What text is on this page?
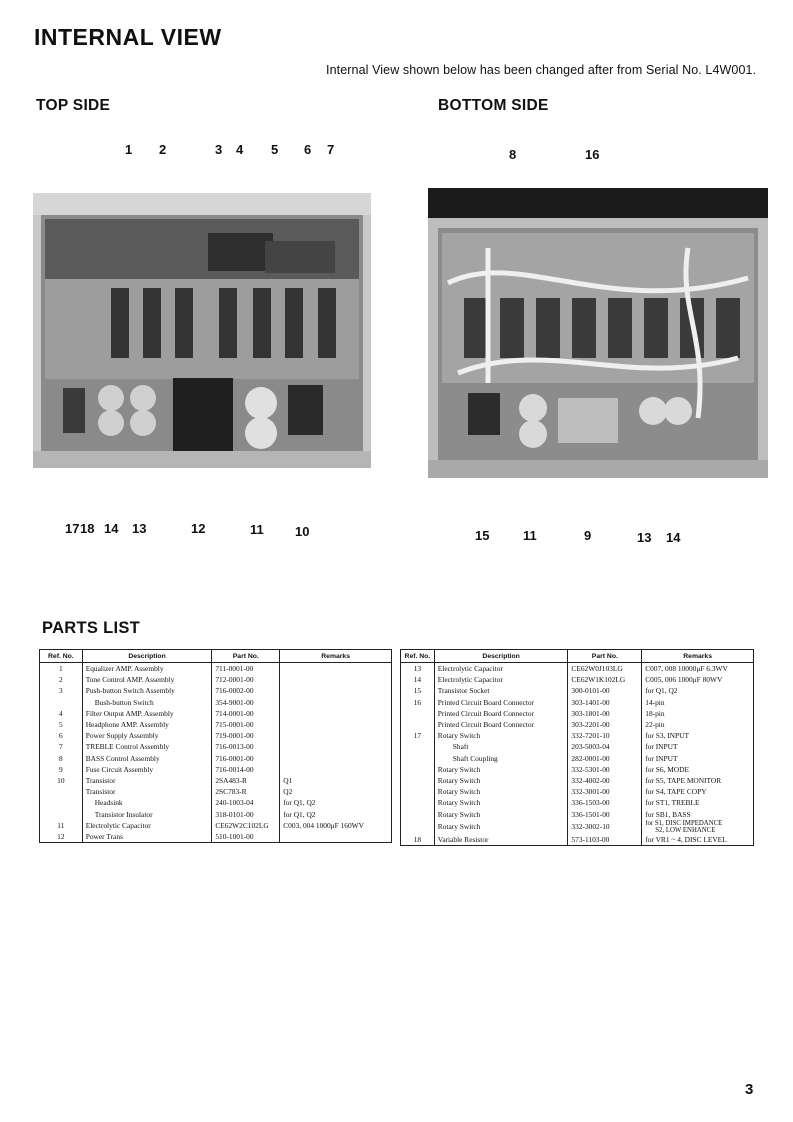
INTERNAL VIEW
Internal View shown below has been changed after from Serial No. L4W001.
TOP SIDE	BOTTOM SIDE
1 2	3 4 5 6 7
17 18 14 13	12	11 10
8	16
15	11	9	13 14
PARTS LIST
Ref. No.	Description	Part No.	Remarks
1	Equalizer AMP. Assembly	711-0001-00	
2	Tone Control AMP. Assembly	712-0001-00	
3	Push-button Switch Assembly	716-0002-00	
	Bush-button Switch	354-9001-00	
4	Filter Output AMP. Assembly	714-0001-00	
5	Headphone AMP. Assembly	715-0001-00	
6	Power Supply Assembly	719-0001-00	
7	TREBLE Control Assembly	716-0013-00	
8	BASS Control Assembly	716-0001-00	
9	Fuse Circuit Assembly	716-0014-00	
10	Transistor	2SA483-R	Q1
	Transistor	2SC783-R	Q2
	Headsink	240-1003-04	for Q1, Q2
	Transistor Insulator	318-0101-00	for Q1, Q2
11	Electrolytic Capacitor	CE62W2C102LG	C003, 004 1000μF 160WV
12	Power Trans	510-1001-00	
Ref. No.	Description	Part No.	Remarks
13	Electrolytic Capacitor	CE62W0J103LG	C007, 008 10000μF 6.3WV
14	Electrolytic Capacitor	CE62W1K102LG	C005, 006 1000μF 80WV
15	Transistor Socket	300-0101-00	for Q1, Q2
16	Printed Circuit Board Connector	303-1401-00	14-pin
	Printed Circuit Board Connector	303-1801-00	18-pin
	Printed Circuit Board Connector	303-2201-00	22-pin
17	Rotary Switch	332-7201-10	for S3, INPUT
	Shaft	203-5003-04	for INPUT
	Shaft Coupling	282-0001-00	for INPUT
	Rotary Switch	332-5301-00	for S6, MODE
	Rotary Switch	332-4002-00	for S5, TAPE MONITOR
	Rotary Switch	332-3001-00	for S4, TAPE COPY
	Rotary Switch	336-1503-00	for ST1, TREBLE
	Rotary Switch	336-1501-00	for SB1, BASS
	Rotary Switch	332-3002-10	for S1, DISC IMPEDANCE
S2, LOW ENHANCE

18	Variable Resistor	573-1103-00	for VR1 ~ 4, DISC LEVEL
3
